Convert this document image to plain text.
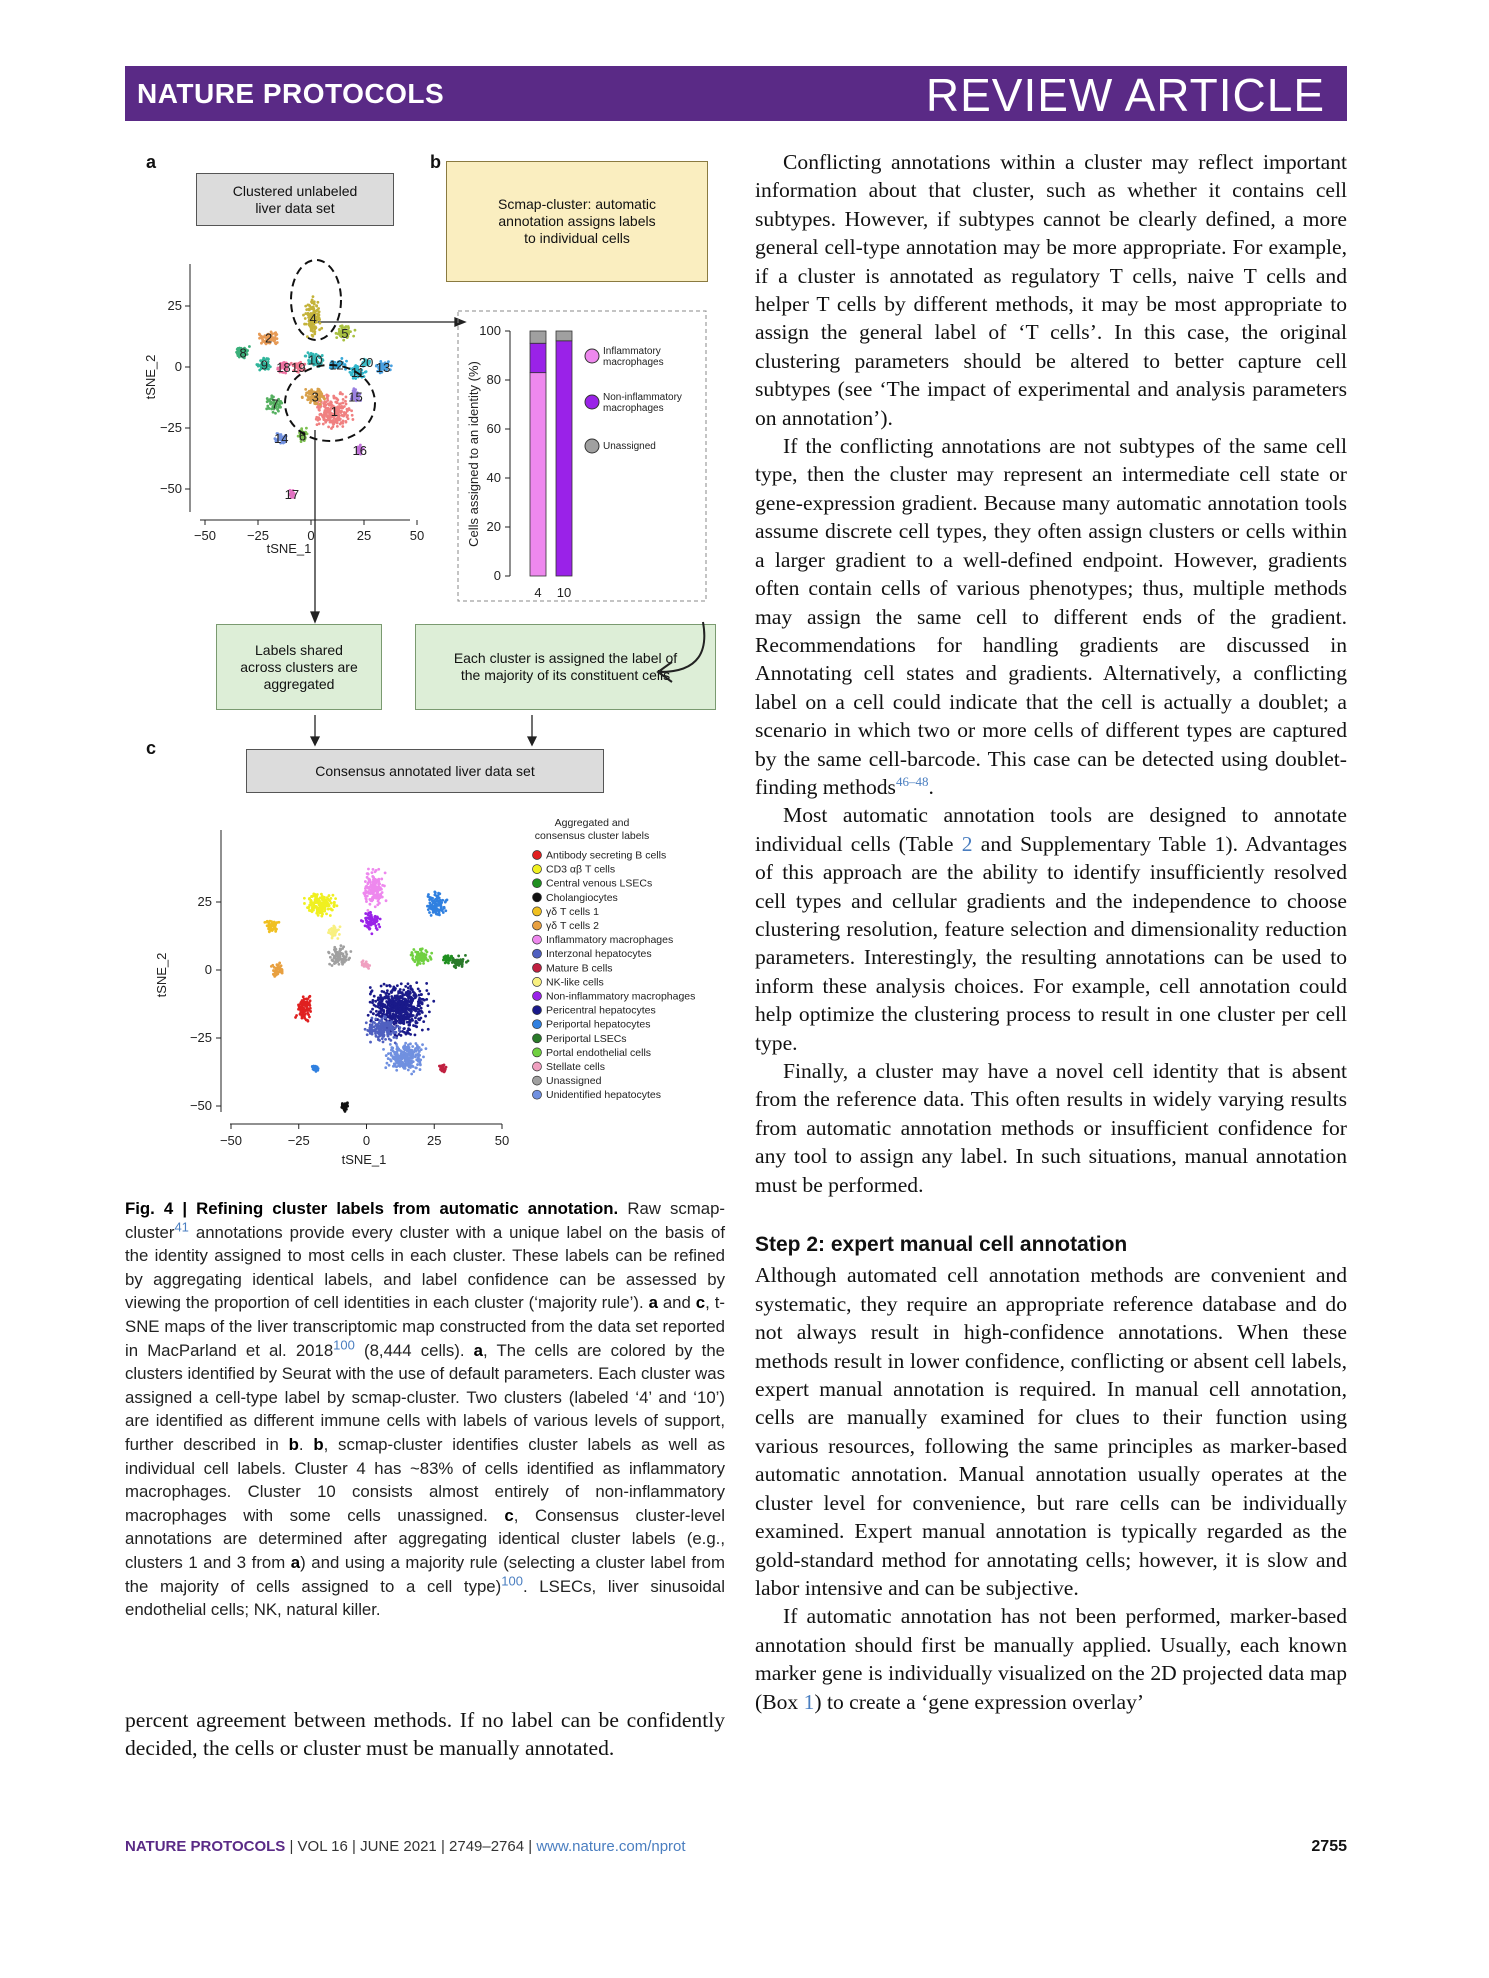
NATURE PROTOCOLS	REVIEW ARTICLE
a	b
c
Clustered unlabeled liver data set	Scmap-cluster: automatic annotation assigns labels to individual cells
Labels shared across clusters are aggregated
Each cluster is assigned the label of the majority of its constituent cells
Consensus annotated liver data set
−50 −25	0	25	50
25
0
−25
−50
1
2
3
4
5
6
7
8
9	10
11
12 13
14
15
16
17
18 19	20
tSNE_1
tSNE_2
0
20
40
60
80
100
Cells assigned to an identity (%)
4 10
Inflammatory
macrophages
Non-inflammatory
macrophages
Unassigned
−50	−25	0	25	50
25
0
−25
−50
tSNE_1
tSNE_2
Aggregated and
consensus cluster labels
Antibody secreting B cells
CD3 αβ T cells
Central venous LSECs
Cholangiocytes
γδ T cells 1
γδ T cells 2
Inflammatory macrophages
Interzonal hepatocytes
Mature B cells
NK-like cells
Non-inflammatory macrophages
Pericentral hepatocytes
Periportal hepatocytes
Periportal LSECs
Portal endothelial cells
Stellate cells
Unassigned
Unidentified hepatocytes
Fig. 4 | Refining cluster labels from automatic annotation. Raw scmap-cluster$^{41}$ annotations provide every cluster with a unique label on the basis of the identity assigned to most cells in each cluster. These labels can be refined by aggregating identical labels, and label confidence can be assessed by viewing the proportion of cell identities in each cluster (‘majority rule’). a and c, t-SNE maps of the liver transcriptomic map constructed from the data set reported in MacParland et al. 2018$^{100}$ (8,444 cells). a, The cells are colored by the clusters identified by Seurat with the use of default parameters. Each cluster was assigned a cell-type label by scmap-cluster. Two clusters (labeled ‘4’ and ‘10’) are identified as different immune cells with labels of various levels of support, further described in b. b, scmap-cluster identifies cluster labels as well as individual cell labels. Cluster 4 has ~83% of cells identified as inflammatory macrophages. Cluster 10 consists almost entirely of non-inflammatory macrophages with some cells unassigned. c, Consensus cluster-level annotations are determined after aggregating identical cluster labels (e.g., clusters 1 and 3 from a) and using a majority rule (selecting a cluster label from the majority of cells assigned to a cell type)$^{100}$. LSECs, liver sinusoidal endothelial cells; NK, natural killer.
percent agreement between methods. If no label can be confidently decided, the cells or cluster must be manually annotated.

Conflicting annotations within a cluster may reflect important information about that cluster, such as whether it contains cell subtypes. However, if subtypes cannot be clearly defined, a more general cell-type annotation may be more appropriate. For example, if a cluster is annotated as regulatory T cells, naive T cells and helper T cells by different methods, it may be most appropriate to assign the general label of ‘T cells’. In this case, the original clustering parameters should be altered to better capture cell subtypes (see ‘The impact of experimental and analysis parameters on annotation’).

If the conflicting annotations are not subtypes of the same cell type, then the cluster may represent an intermediate cell state or gene-expression gradient. Because many automatic annotation tools assume discrete cell types, they often assign clusters or cells within a larger gradient to a well-defined endpoint. However, gradients often contain cells of various phenotypes; thus, multiple methods may assign the same cell to different ends of the gradient. Recommendations for handling gradients are discussed in Annotating cell states and gradients. Alternatively, a conflicting label on a cell could indicate that the cell is actually a doublet; a scenario in which two or more cells of different types are captured by the same cell-barcode. This case can be detected using doublet-finding methods$^{46-48}$.

Most automatic annotation tools are designed to annotate individual cells (Table 2 and Supplementary Table 1). Advantages of this approach are the ability to identify insufficiently resolved cell types and cellular gradients and the independence to choose clustering resolution, feature selection and dimensionality reduction parameters. Interestingly, the resulting annotations can be used to inform these analysis choices. For example, cell annotation could help optimize the clustering process to result in one cluster per cell type.

Finally, a cluster may have a novel cell identity that is absent from the reference data. This often results in widely varying results from automatic annotation methods or insufficient confidence for any tool to assign any label. In such situations, manual annotation must be performed.

Step 2: expert manual cell annotation

Although automated cell annotation methods are convenient and systematic, they require an appropriate reference database and do not always result in high-confidence annotations. When these methods result in lower confidence, conflicting or absent cell labels, expert manual annotation is required. In manual cell annotation, cells are manually examined for clues to their function using various resources, following the same principles as marker-based automatic annotation. Manual annotation usually operates at the cluster level for convenience, but rare cells can be individually examined. Expert manual annotation is typically regarded as the gold-standard method for annotating cells; however, it is slow and labor intensive and can be subjective.

If automatic annotation has not been performed, marker-based annotation should first be manually applied. Usually, each known marker gene is individually visualized on the 2D projected data map (Box 1) to create a ‘gene expression overlay’

NATURE PROTOCOLS | VOL 16 | JUNE 2021 | 2749–2764 | www.nature.com/nprot	2755
